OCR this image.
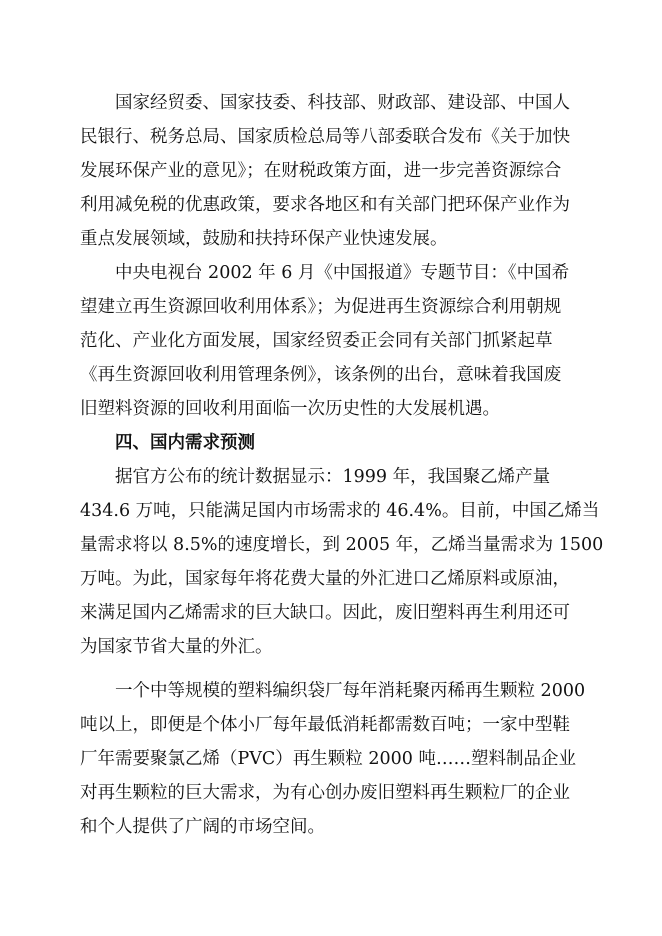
国家经贸委、国家技委、科技部、财政部、建设部、中国人
民银行、税务总局、国家质检总局等八部委联合发布《关于加快
发展环保产业的意见》；在财税政策方面，进一步完善资源综合
利用减免税的优惠政策，要求各地区和有关部门把环保产业作为
重点发展领域，鼓励和扶持环保产业快速发展。
中央电视台 2002 年 6 月《中国报道》专题节目：《中国希
望建立再生资源回收利用体系》；为促进再生资源综合利用朝规
范化、产业化方面发展，国家经贸委正会同有关部门抓紧起草
《再生资源回收利用管理条例》，该条例的出台，意味着我国废
旧塑料资源的回收利用面临一次历史性的大发展机遇。
四、国内需求预测
据官方公布的统计数据显示：1999 年，我国聚乙烯产量
434.6 万吨，只能满足国内市场需求的 46.4%。目前，中国乙烯当
量需求将以 8.5%的速度增长，到 2005 年，乙烯当量需求为 1500
万吨。为此，国家每年将花费大量的外汇进口乙烯原料或原油，
来满足国内乙烯需求的巨大缺口。因此，废旧塑料再生利用还可
为国家节省大量的外汇。
一个中等规模的塑料编织袋厂每年消耗聚丙稀再生颗粒 2000
吨以上，即便是个体小厂每年最低消耗都需数百吨；一家中型鞋
厂年需要聚氯乙烯（PVC）再生颗粒 2000 吨……塑料制品企业
对再生颗粒的巨大需求，为有心创办废旧塑料再生颗粒厂的企业
和个人提供了广阔的市场空间。
